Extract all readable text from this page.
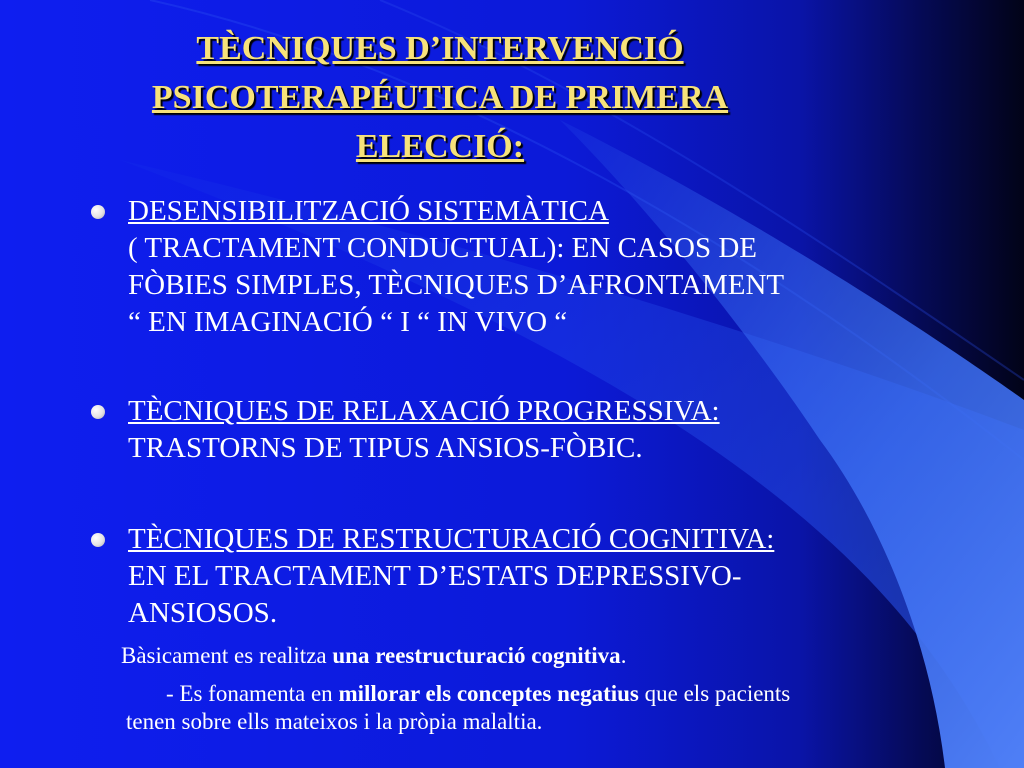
TÈCNIQUES D’INTERVENCIÓ
PSICOTERAPÉUTICA DE PRIMERA
ELECCIÓ:
DESENSIBILITZACIÓ SISTEMÀTICA
( TRACTAMENT CONDUCTUAL): EN CASOS DE
FÒBIES SIMPLES, TÈCNIQUES D’AFRONTAMENT
“ EN IMAGINACIÓ “ I “ IN VIVO “
TÈCNIQUES DE RELAXACIÓ PROGRESSIVA:
TRASTORNS DE TIPUS ANSIOS-FÒBIC.
TÈCNIQUES DE RESTRUCTURACIÓ COGNITIVA:
EN EL TRACTAMENT D’ESTATS DEPRESSIVO-
ANSIOSOS.
Bàsicament es realitza una reestructuració cognitiva.
- Es fonamenta en millorar els conceptes negatius que els pacients
tenen sobre ells mateixos i la pròpia malaltia.
